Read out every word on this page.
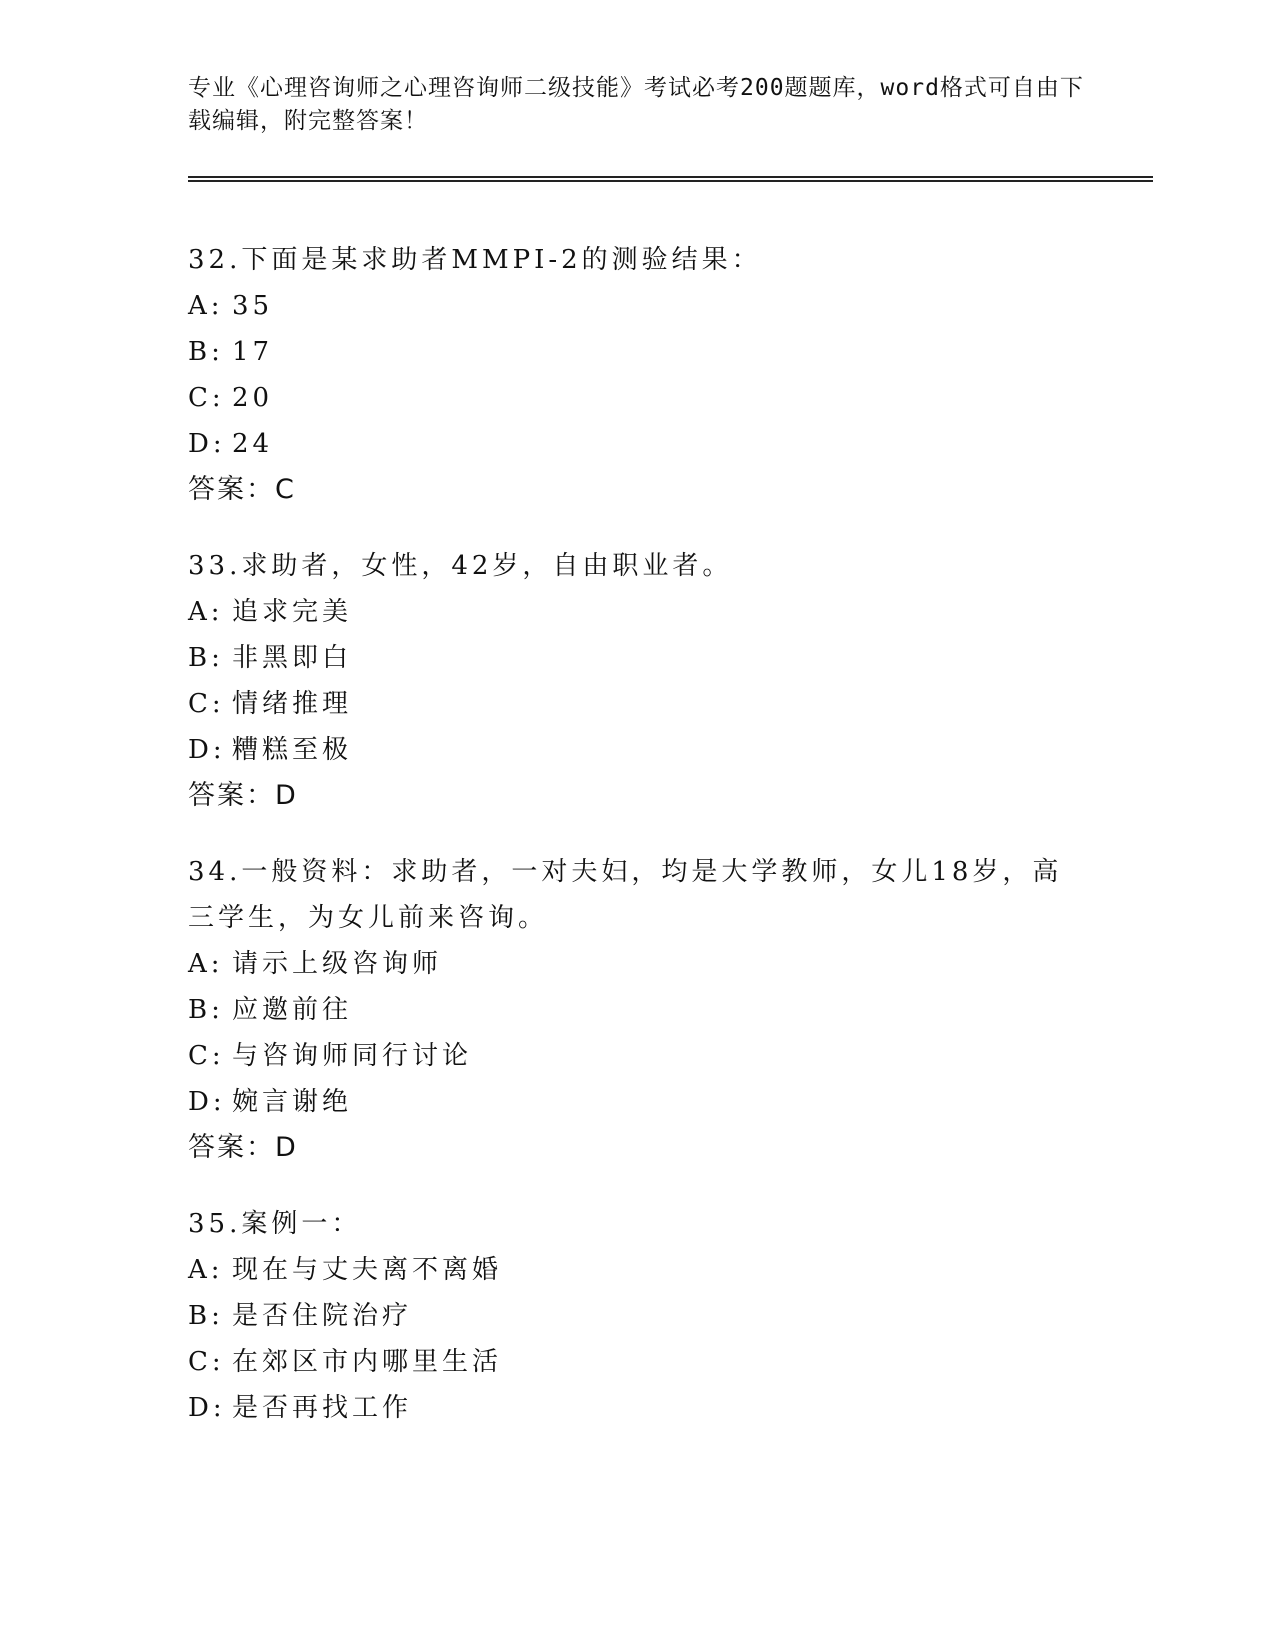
专业《心理咨询师之心理咨询师二级技能》考试必考200题题库，word格式可自由下载编辑，附完整答案！
32.下面是某求助者MMPI-2的测验结果：
A: 35
B: 17
C: 20
D: 24
答案：C
33.求助者，女性，42岁，自由职业者。
A: 追求完美
B: 非黑即白
C: 情绪推理
D: 糟糕至极
答案：D
34.一般资料：求助者，一对夫妇，均是大学教师，女儿18岁，高三学生，为女儿前来咨询。
A: 请示上级咨询师
B: 应邀前往
C: 与咨询师同行讨论
D: 婉言谢绝
答案：D
35.案例一：
A: 现在与丈夫离不离婚
B: 是否住院治疗
C: 在郊区市内哪里生活
D: 是否再找工作
